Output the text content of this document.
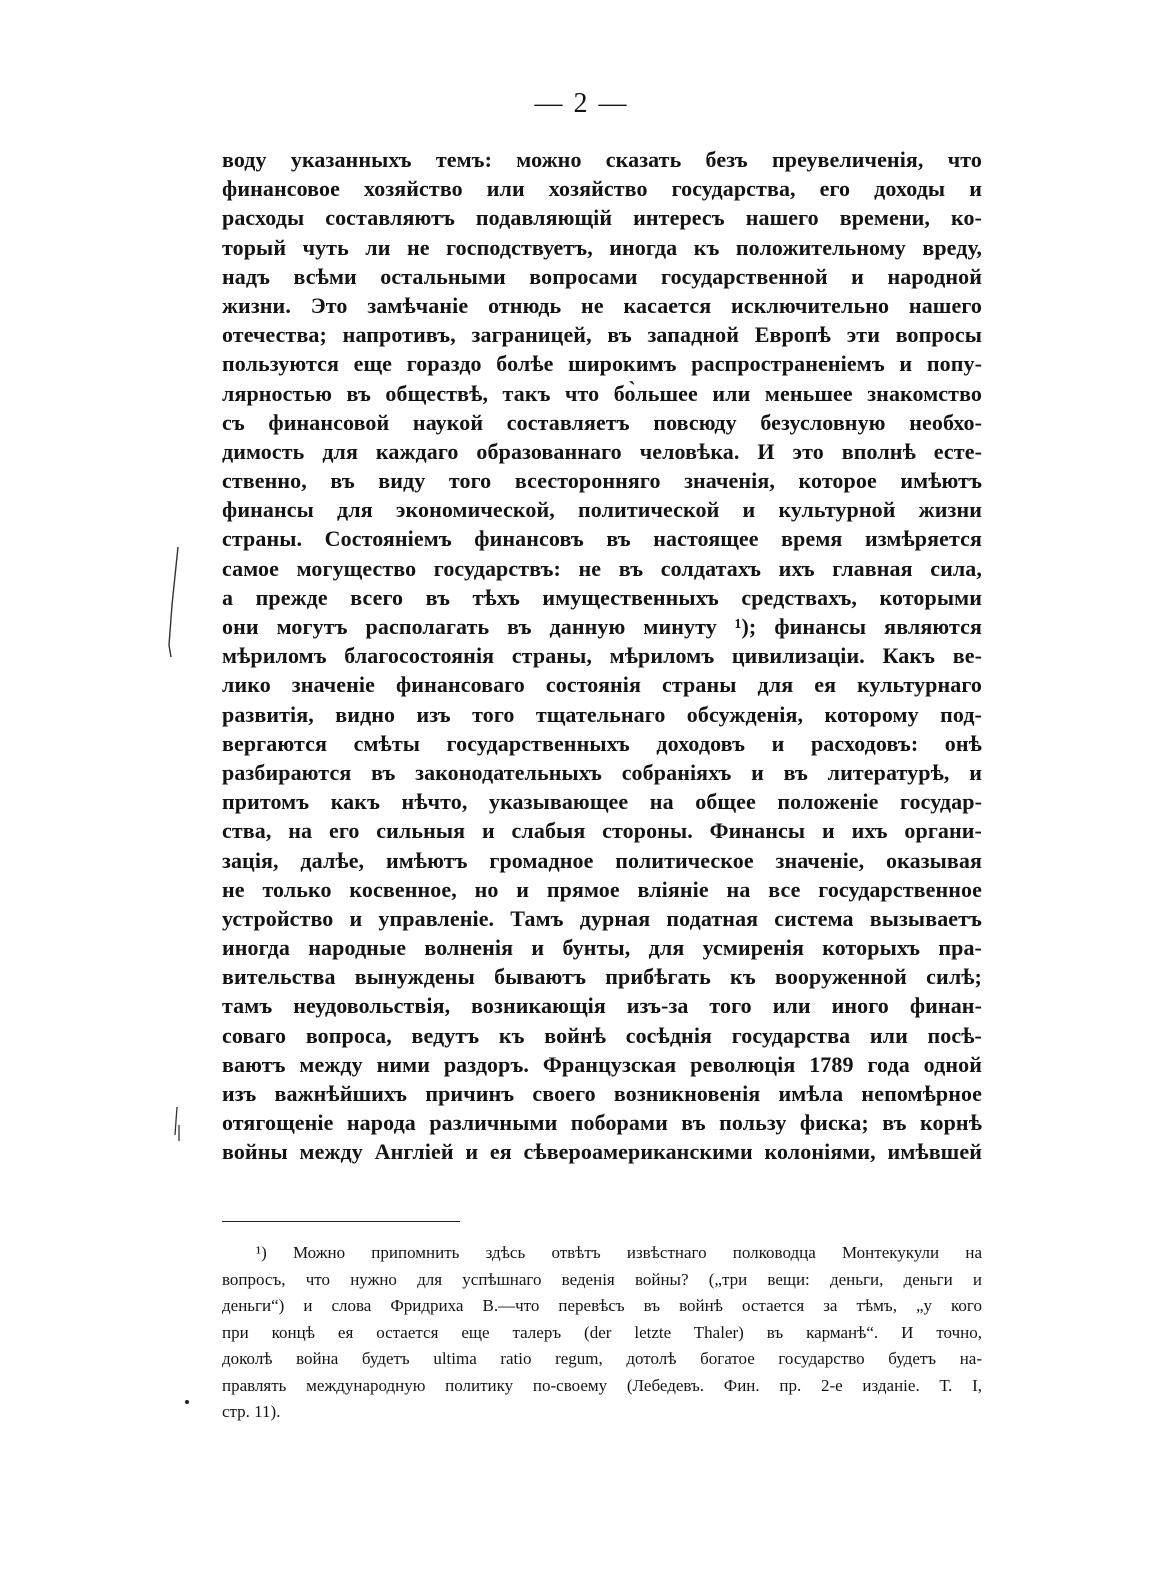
— 2 —
воду указанныхъ темъ: можно сказать безъ преувеличенія, что
финансовое хозяйство или хозяйство государства, его доходы и
расходы составляютъ подавляющій интересъ нашего времени, ко-
торый чуть ли не господствуетъ, иногда къ положительному вреду,
надъ всѣми остальными вопросами государственной и народной
жизни. Это замѣчаніе отнюдь не касается исключительно нашего
отечества; напротивъ, заграницей, въ западной Европѣ эти вопросы
пользуются еще гораздо болѣе широкимъ распространеніемъ и попу-
лярностью въ обществѣ, такъ что бо̀льшее или меньшее знакомство
съ финансовой наукой составляетъ повсюду безусловную необхо-
димость для каждаго образованнаго человѣка. И это вполнѣ есте-
ственно, въ виду того всесторонняго значенія, которое имѣютъ
финансы для экономической, политической и культурной жизни
страны. Состояніемъ финансовъ въ настоящее время измѣряется
самое могущество государствъ: не въ солдатахъ ихъ главная сила,
а прежде всего въ тѣхъ имущественныхъ средствахъ, которыми
они могутъ располагать въ данную минуту ¹); финансы являются
мѣриломъ благосостоянія страны, мѣриломъ цивилизаціи. Какъ ве-
лико значеніе финансоваго состоянія страны для ея культурнаго
развитія, видно изъ того тщательнаго обсужденія, которому под-
вергаются смѣты государственныхъ доходовъ и расходовъ: онѣ
разбираются въ законодательныхъ собраніяхъ и въ литературѣ, и
притомъ какъ нѣчто, указывающее на общее положеніе государ-
ства, на его сильныя и слабыя стороны. Финансы и ихъ органи-
зація, далѣе, имѣютъ громадное политическое значеніе, оказывая
не только косвенное, но и прямое вліяніе на все государственное
устройство и управленіе. Тамъ дурная податная система вызываетъ
иногда народные волненія и бунты, для усмиренія которыхъ пра-
вительства вынуждены бываютъ прибѣгать къ вооруженной силѣ;
тамъ неудовольствія, возникающія изъ-за того или иного финан-
соваго вопроса, ведутъ къ войнѣ сосѣднія государства или посѣ-
ваютъ между ними раздоръ. Французская революція 1789 года одной
изъ важнѣйшихъ причинъ своего возникновенія имѣла непомѣрное
отягощеніе народа различными поборами въ пользу фиска; въ корнѣ
войны между Англіей и ея сѣвероамериканскими колоніями, имѣвшей
¹) Можно припомнить здѣсь отвѣтъ извѣстнаго полководца Монтекукули на
вопросъ, что нужно для успѣшнаго веденія войны? („три вещи: деньги, деньги и
деньги“) и слова Фридриха В.—что перевѣсъ въ войнѣ остается за тѣмъ, „у кого
при концѣ ея остается еще талеръ (der letzte Thaler) въ карманѣ“. И точно,
доколѣ война будетъ ultima ratio regum, дотолѣ богатое государство будетъ на-
правлять международную политику по-своему (Лебедевъ. Фин. пр. 2-е изданіе. Т. I,
стр. 11).
